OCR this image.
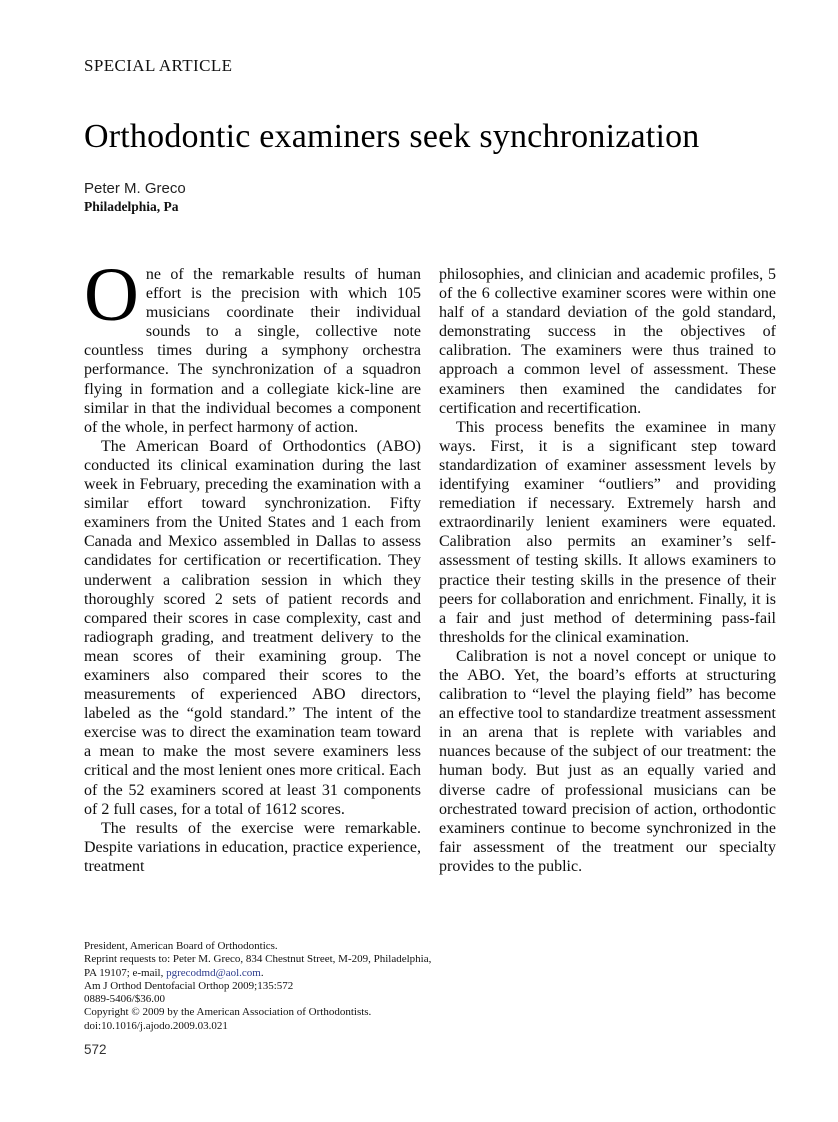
SPECIAL ARTICLE
Orthodontic examiners seek synchronization
Peter M. Greco
Philadelphia, Pa

One of the remarkable results of human effort is the precision with which 105 musicians coordinate their individual sounds to a single, collective note countless times during a symphony orchestra performance. The synchronization of a squadron flying in formation and a collegiate kick-line are similar in that the individual becomes a component of the whole, in perfect harmony of action.

The American Board of Orthodontics (ABO) conducted its clinical examination during the last week in February, preceding the examination with a similar effort toward synchronization. Fifty examiners from the United States and 1 each from Canada and Mexico assembled in Dallas to assess candidates for certification or recertification. They underwent a calibration session in which they thoroughly scored 2 sets of patient records and compared their scores in case complexity, cast and radiograph grading, and treatment delivery to the mean scores of their examining group. The examiners also compared their scores to the measurements of experienced ABO directors, labeled as the “gold standard.” The intent of the exercise was to direct the examination team toward a mean to make the most severe examiners less critical and the most lenient ones more critical. Each of the 52 examiners scored at least 31 components of 2 full cases, for a total of 1612 scores.

The results of the exercise were remarkable. Despite variations in education, practice experience, treatment

philosophies, and clinician and academic profiles, 5 of the 6 collective examiner scores were within one half of a standard deviation of the gold standard, demonstrating success in the objectives of calibration. The examiners were thus trained to approach a common level of assessment. These examiners then examined the candidates for certification and recertification.

This process benefits the examinee in many ways. First, it is a significant step toward standardization of examiner assessment levels by identifying examiner “outliers” and providing remediation if necessary. Extremely harsh and extraordinarily lenient examiners were equated. Calibration also permits an examiner’s self-assessment of testing skills. It allows examiners to practice their testing skills in the presence of their peers for collaboration and enrichment. Finally, it is a fair and just method of determining pass-fail thresholds for the clinical examination.

Calibration is not a novel concept or unique to the ABO. Yet, the board’s efforts at structuring calibration to “level the playing field” has become an effective tool to standardize treatment assessment in an arena that is replete with variables and nuances because of the subject of our treatment: the human body. But just as an equally varied and diverse cadre of professional musicians can be orchestrated toward precision of action, orthodontic examiners continue to become synchronized in the fair assessment of the treatment our specialty provides to the public.

President, American Board of Orthodontics.
Reprint requests to: Peter M. Greco, 834 Chestnut Street, M-209, Philadelphia,
PA 19107; e-mail, pgrecodmd@aol.com.
Am J Orthod Dentofacial Orthop 2009;135:572
0889-5406/$36.00
Copyright © 2009 by the American Association of Orthodontists.
doi:10.1016/j.ajodo.2009.03.021
572
